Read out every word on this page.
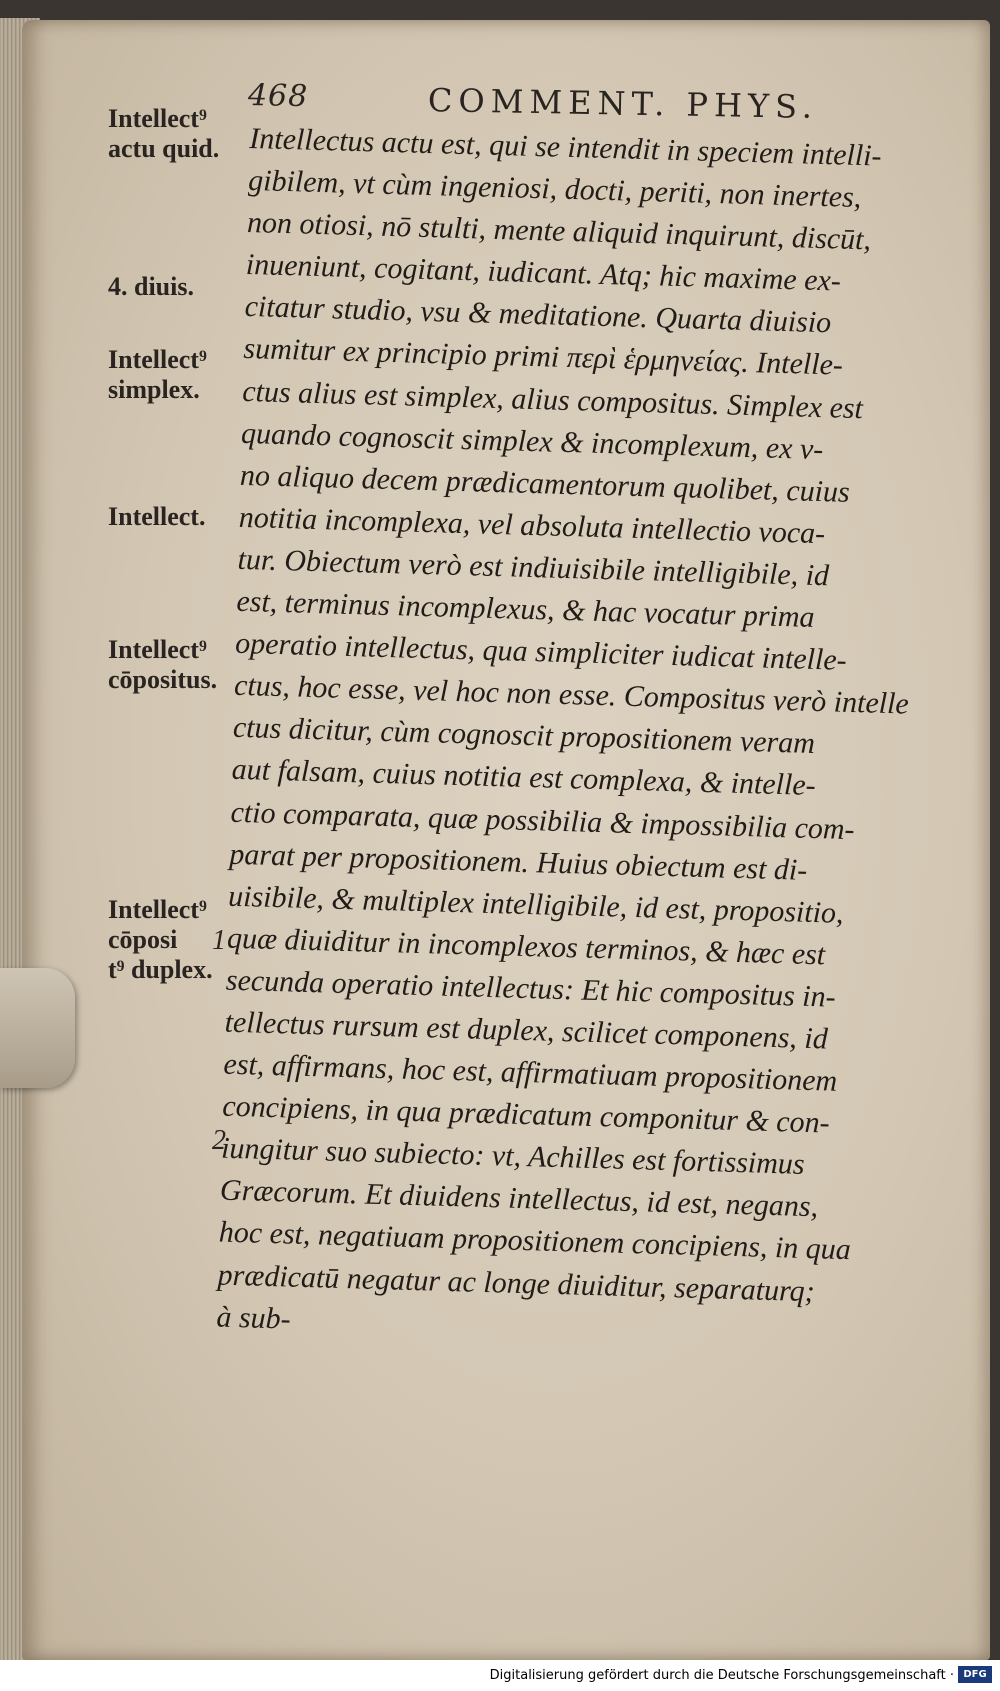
468	COMMENT. PHYS.
Intellectus actu est, qui se intendit in speciem intelli-
gibilem, vt cùm ingeniosi, docti, periti, non inertes,
non otiosi, nō stulti, mente aliquid inquirunt, discūt,
inueniunt, cogitant, iudicant. Atq; hic maxime ex-
citatur studio, vsu & meditatione. Quarta diuisio
sumitur ex principio primi περὶ ἑρμηνείας. Intelle-
ctus alius est simplex, alius compositus. Simplex est
quando cognoscit simplex & incomplexum, ex v-
no aliquo decem prædicamentorum quolibet, cuius
notitia incomplexa, vel absoluta intellectio voca-
tur. Obiectum verò est indiuisibile intelligibile, id
est, terminus incomplexus, & hac vocatur prima
operatio intellectus, qua simpliciter iudicat intelle-
ctus, hoc esse, vel hoc non esse. Compositus verò intelle
ctus dicitur, cùm cognoscit propositionem veram
aut falsam, cuius notitia est complexa, & intelle-
ctio comparata, quæ possibilia & impossibilia com-
parat per propositionem. Huius obiectum est di-
uisibile, & multiplex intelligibile, id est, propositio,
quæ diuiditur in incomplexos terminos, & hæc est
secunda operatio intellectus: Et hic compositus in-
tellectus rursum est duplex, scilicet componens, id
est, affirmans, hoc est, affirmatiuam propositionem
concipiens, in qua prædicatum componitur & con-
iungitur suo subiecto: vt, Achilles est fortissimus
Græcorum. Et diuidens intellectus, id est, negans,
hoc est, negatiuam propositionem concipiens, in qua
prædicatū negatur ac longe diuiditur, separaturq;
à sub-
Intellect⁹
actu quid.
4. diuis.
Intellect⁹
simplex.
Intellect.
Intellect⁹
cōpositus.
Intellect⁹
cōposi
t⁹ duplex.
1
2
Digitalisierung gefördert durch die Deutsche Forschungsgemeinschaft · DFG
